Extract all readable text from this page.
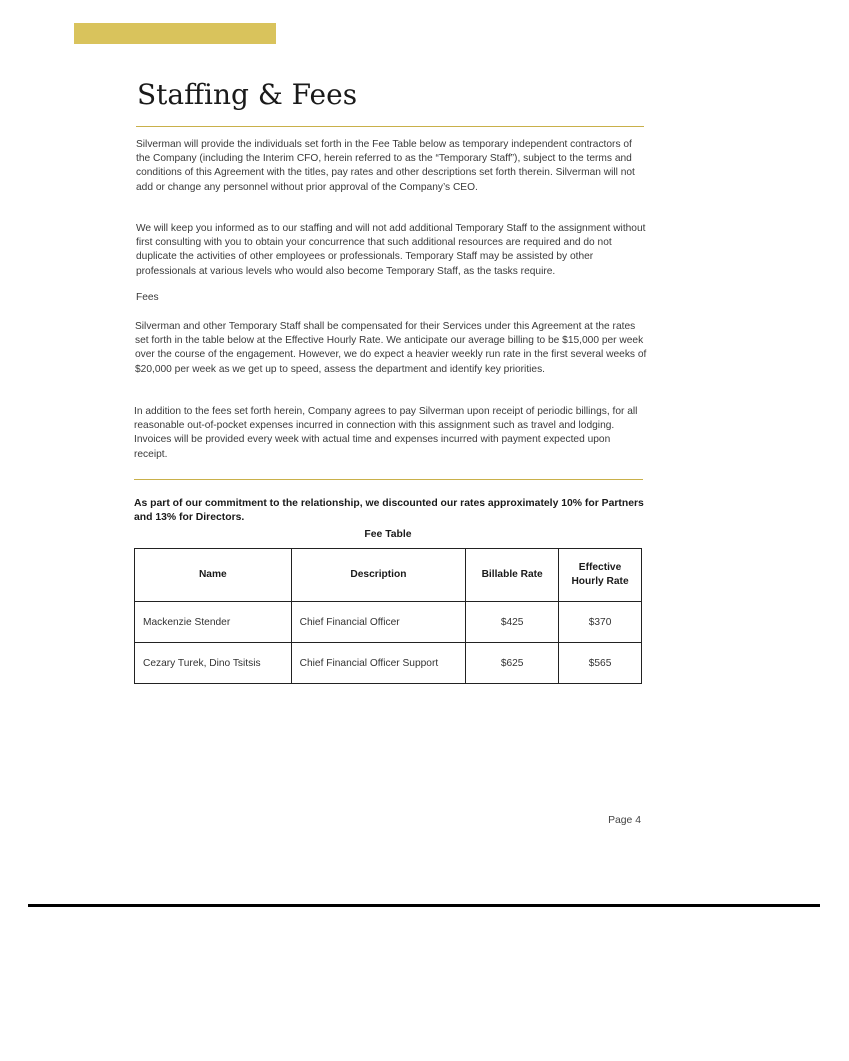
Staffing & Fees

Silverman will provide the individuals set forth in the Fee Table below as temporary independent contractors of the Company (including the Interim CFO, herein referred to as the “Temporary Staff”), subject to the terms and conditions of this Agreement with the titles, pay rates and other descriptions set forth therein. Silverman will not add or change any personnel without prior approval of the Company’s CEO.

We will keep you informed as to our staffing and will not add additional Temporary Staff to the assignment without first consulting with you to obtain your concurrence that such additional resources are required and do not duplicate the activities of other employees or professionals. Temporary Staff may be assisted by other professionals at various levels who would also become Temporary Staff, as the tasks require.

Fees

Silverman and other Temporary Staff shall be compensated for their Services under this Agreement at the rates set forth in the table below at the Effective Hourly Rate. We anticipate our average billing to be $15,000 per week over the course of the engagement. However, we do expect a heavier weekly run rate in the first several weeks of $20,000 per week as we get up to speed, assess the department and identify key priorities.

In addition to the fees set forth herein, Company agrees to pay Silverman upon receipt of periodic billings, for all reasonable out-of-pocket expenses incurred in connection with this assignment such as travel and lodging. Invoices will be provided every week with actual time and expenses incurred with payment expected upon receipt.

As part of our commitment to the relationship, we discounted our rates approximately 10% for Partners and 13% for Directors.

Fee Table
Name	Description	Billable Rate	Effective Hourly Rate
Mackenzie Stender	Chief Financial Officer	$425	$370
Cezary Turek, Dino Tsitsis	Chief Financial Officer Support	$625	$565
Page 4
